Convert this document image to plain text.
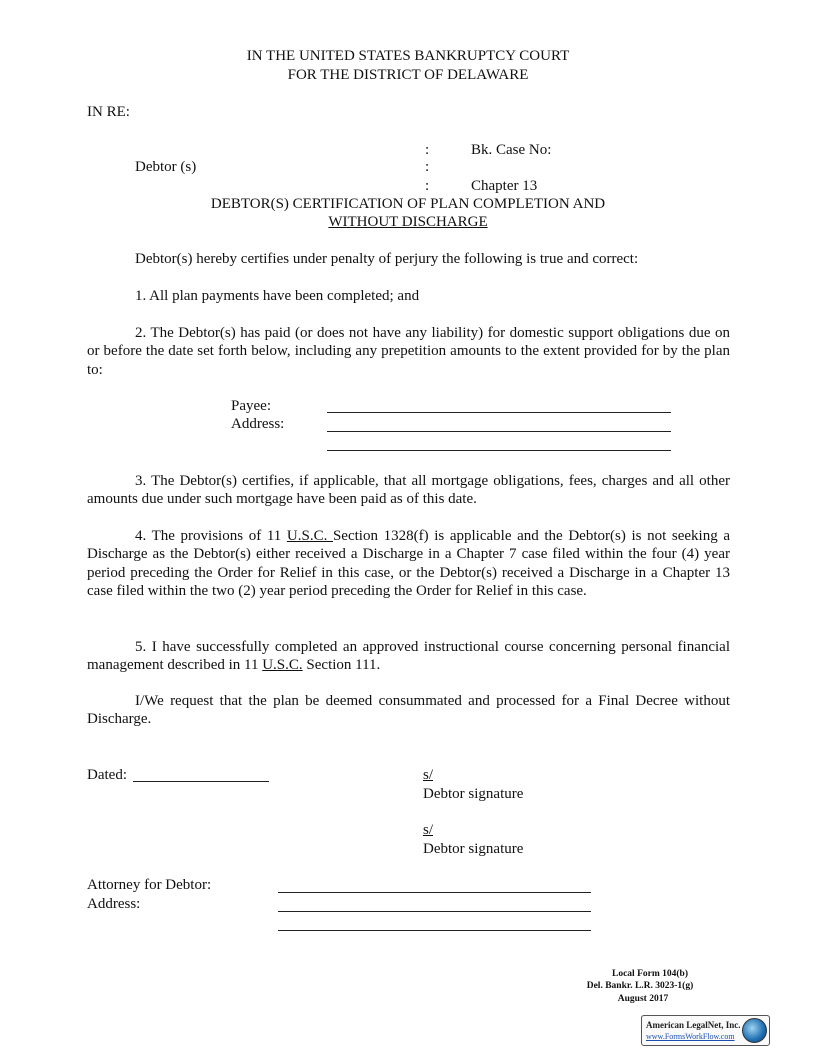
IN THE UNITED STATES BANKRUPTCY COURT
FOR THE DISTRICT OF DELAWARE
IN RE:
:	Bk. Case No:
Debtor (s)	:
:	Chapter 13
DEBTOR(S) CERTIFICATION OF PLAN COMPLETION AND
WITHOUT DISCHARGE
Debtor(s) hereby certifies under penalty of perjury the following is true and correct:
1. All plan payments have been completed; and
2. The Debtor(s) has paid (or does not have any liability) for domestic support obligations due on or before the date set forth below, including any prepetition amounts to the extent provided for by the plan to:
Payee:
Address:
3. The Debtor(s) certifies, if applicable, that all mortgage obligations, fees, charges and all other amounts due under such mortgage have been paid as of this date.
4. The provisions of 11 U.S.C. Section 1328(f) is applicable and the Debtor(s) is not seeking a Discharge as the Debtor(s) either received a Discharge in a Chapter 7 case filed within the four (4) year period preceding the Order for Relief in this case, or the Debtor(s) received a Discharge in a Chapter 13 case filed within the two (2) year period preceding the Order for Relief in this case.
5. I have successfully completed an approved instructional course concerning personal financial management described in 11 U.S.C. Section 111.
I/We request that the plan be deemed consummated and processed for a Final Decree without Discharge.
Dated:	s/
Debtor signature
s/
Debtor signature
Attorney for Debtor:
Address:
Local Form 104(b)
Del. Bankr. L.R. 3023-1(g)
August 2017
American LegalNet, Inc.
www.FormsWorkFlow.com
